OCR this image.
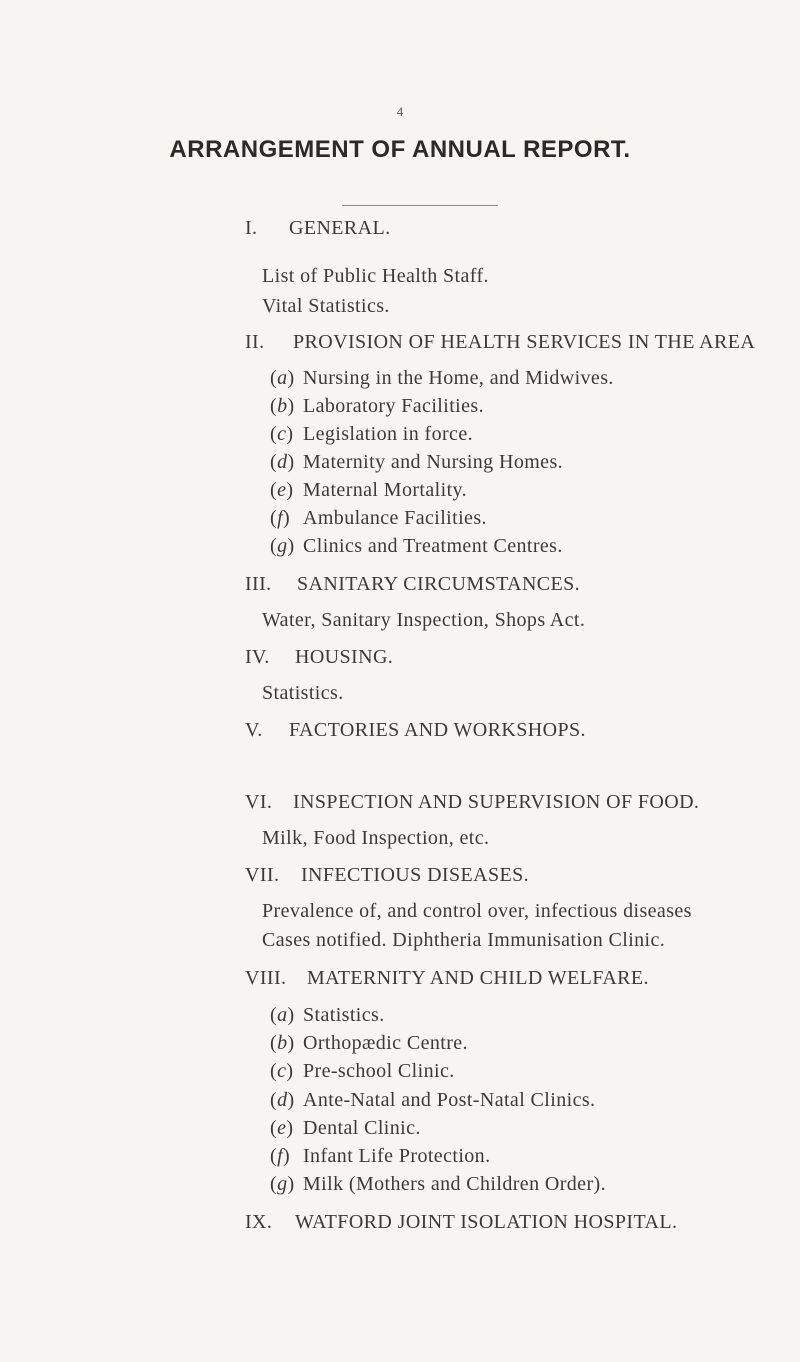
4
ARRANGEMENT OF ANNUAL REPORT.
I. GENERAL.
List of Public Health Staff.
Vital Statistics.
II. PROVISION OF HEALTH SERVICES IN THE AREA
(a) Nursing in the Home, and Midwives.
(b) Laboratory Facilities.
(c) Legislation in force.
(d) Maternity and Nursing Homes.
(e) Maternal Mortality.
(f) Ambulance Facilities.
(g) Clinics and Treatment Centres.
III. SANITARY CIRCUMSTANCES.
Water, Sanitary Inspection, Shops Act.
IV. HOUSING.
Statistics.
V. FACTORIES AND WORKSHOPS.
VI. INSPECTION AND SUPERVISION OF FOOD.
Milk, Food Inspection, etc.
VII. INFECTIOUS DISEASES.
Prevalence of, and control over, infectious diseases
Cases notified. Diphtheria Immunisation Clinic.
VIII. MATERNITY AND CHILD WELFARE.
(a) Statistics.
(b) Orthopædic Centre.
(c) Pre-school Clinic.
(d) Ante-Natal and Post-Natal Clinics.
(e) Dental Clinic.
(f) Infant Life Protection.
(g) Milk (Mothers and Children Order).
IX. WATFORD JOINT ISOLATION HOSPITAL.
